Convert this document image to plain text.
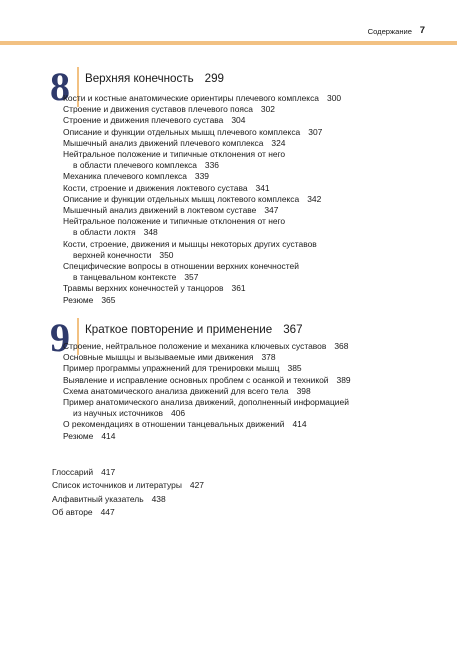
Содержание 7
8 Верхняя конечность 299
Кости и костные анатомические ориентиры плечевого комплекса 300
Строение и движения суставов плечевого пояса 302
Строение и движения плечевого сустава 304
Описание и функции отдельных мышц плечевого комплекса 307
Мышечный анализ движений плечевого комплекса 324
Нейтральное положение и типичные отклонения от него
в области плечевого комплекса 336
Механика плечевого комплекса 339
Кости, строение и движения локтевого сустава 341
Описание и функции отдельных мышц локтевого комплекса 342
Мышечный анализ движений в локтевом суставе 347
Нейтральное положение и типичные отклонения от него
в области локтя 348
Кости, строение, движения и мышцы некоторых других суставов
верхней конечности 350
Специфические вопросы в отношении верхних конечностей
в танцевальном контексте 357
Травмы верхних конечностей у танцоров 361
Резюме 365
9 Краткое повторение и применение 367
Строение, нейтральное положение и механика ключевых суставов 368
Основные мышцы и вызываемые ими движения 378
Пример программы упражнений для тренировки мышц 385
Выявление и исправление основных проблем с осанкой и техникой 389
Схема анатомического анализа движений для всего тела 398
Пример анатомического анализа движений, дополненный информацией
из научных источников 406
О рекомендациях в отношении танцевальных движений 414
Резюме 414
Глоссарий 417
Список источников и литературы 427
Алфавитный указатель 438
Об авторе 447
